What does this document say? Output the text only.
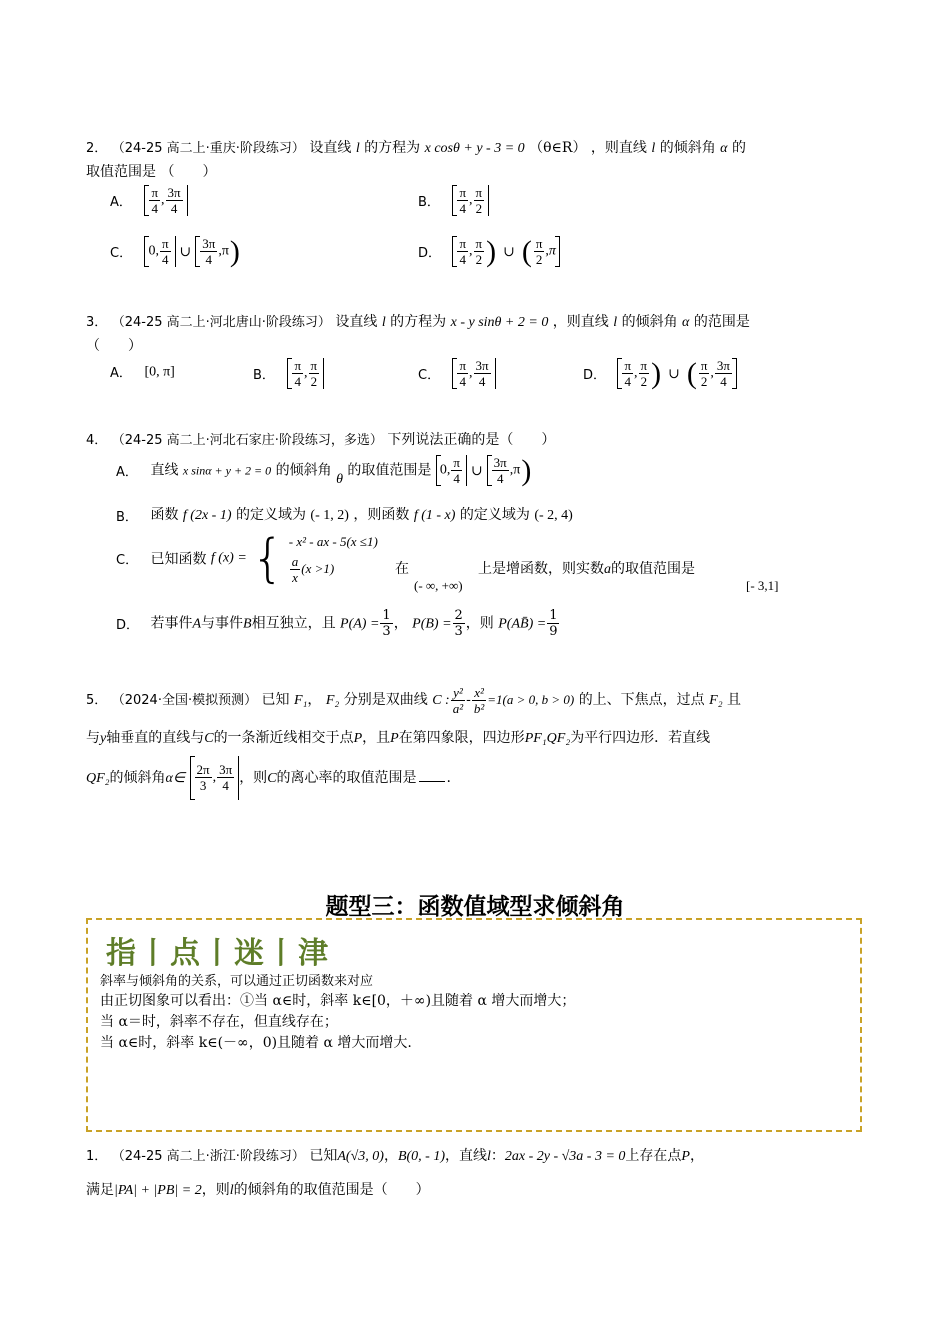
2． （24-25 高二上·重庆·阶段练习） 设直线 l 的方程为 x cosθ + y - 3 = 0 （θ∈R） ，则直线 l 的倾斜角 α 的
取值范围是 （　　）
A． $\frac{\pi}{4}$ , $\frac{3\pi}{4}$	B． $\frac{\pi}{4}$ , $\frac{\pi}{2}$
C． 0, $\frac{\pi}{4}$ ∪ $\frac{3\pi}{4} ,\pi$)	D． $\frac{\pi}{4}$ , $\frac{\pi}{2}$ ) ∪ ( $\frac{\pi}{2} ,\pi$
3． （24-25 高二上·河北唐山·阶段练习） 设直线 l 的方程为 x - y sinθ + 2 = 0 ，则直线 l 的倾斜角 α 的范围是
（　　）
A． [0, π]	B． $\frac{\pi}{4}$ , $\frac{\pi}{2}$	C． $\frac{\pi}{4}$ , $\frac{3\pi}{4}$	D． $\frac{\pi}{4}$ , $\frac{\pi}{2}$ ) ∪ ( $\frac{\pi}{2}$ , $\frac{3\pi}{4}$
4． （24-25 高二上·河北石家庄·阶段练习，多选） 下列说法正确的是（　　）
A． 直线 x sinα + y + 2 = 0 的倾斜角 θ 的取值范围是 0, $\frac{\pi}{4}$ ∪ $\frac{3\pi}{4} ,\pi$)
B． 函数 f (2x - 1) 的定义域为 (- 1, 2) ，则函数 f (1 - x) 的定义域为 (- 2, 4)
C． 已知函数 f (x) = { - x² - ax - 5(x ≤1)
$\frac{a}{x} (x >1)$	在
(- ∞, +∞)
上是增函数，则实数a的取值范围是
[- 3,1]
D． 若事件A与事件B相互独立，且 $P(A) = \frac{1}{3}$ ， $P(B) = \frac{2}{3}$ ，则 P(AB̄) = $\frac{1}{9}$
5． （2024·全国·模拟预测） 已知 F₁， F₂ 分别是双曲线 C : $\frac{\text{y²}}{\text{a²}} - \frac{\text{x²}}{\text{b²}} =1(a > 0$, b > 0) 的上、下焦点，过点 F₂ 且
与y轴垂直的直线与C的一条渐近线相交于点P，且P在第四象限，四边形PF₁QF₂为平行四边形．若直线
QF₂的倾斜角α∈ $\frac{2\pi}{3}$ , $\frac{3\pi}{4}$ ，则C的离心率的取值范围是 .
题型三：函数值域型求倾斜角
指丨点丨迷丨津
斜率与倾斜角的关系，可以通过正切函数来对应
由正切图象可以看出：①当 α∈时，斜率 k∈[0，＋∞)且随着 α 增大而增大；
当 α＝时，斜率不存在，但直线存在；
当 α∈时，斜率 k∈(－∞，0)且随着 α 增大而增大.
1． （24-25 高二上·浙江·阶段练习） 已知A(√3, 0)，B(0, - 1)，直线l：2ax - 2y - √3a - 3 = 0上存在点P，
满足|PA| + |PB| = 2，则l的倾斜角的取值范围是（　　）
